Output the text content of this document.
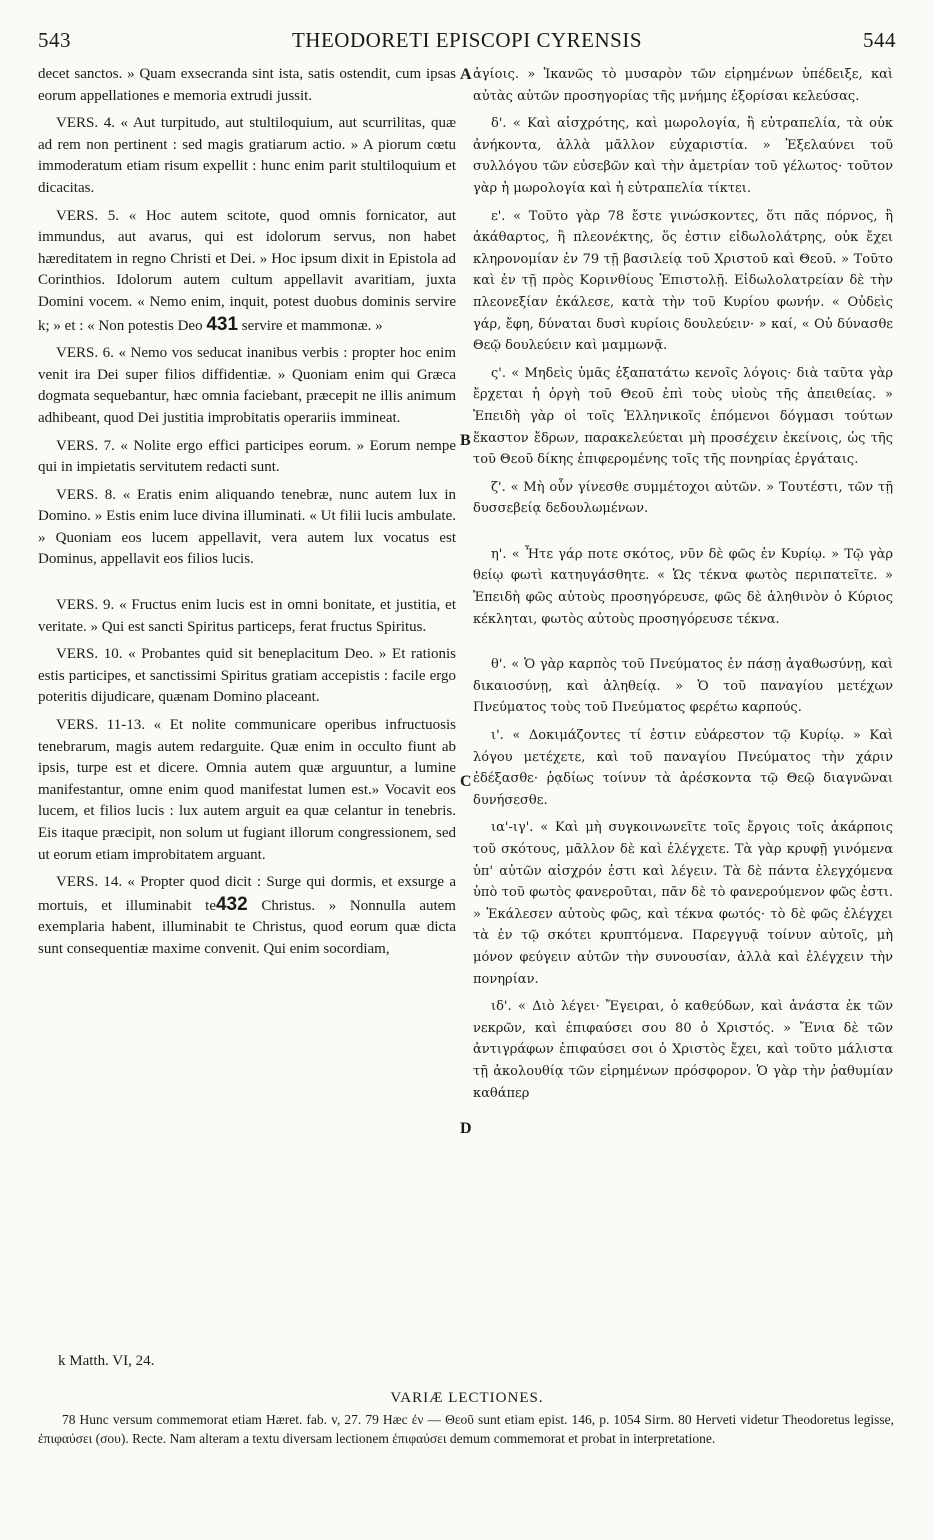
543	THEODORETI EPISCOPI CYRENSIS	544

decet sanctos. » Quam exsecranda sint ista, satis ostendit, cum ipsas eorum appellationes e memoria extrudi jussit.

VERS. 4. « Aut turpitudo, aut stultiloquium, aut scurrilitas, quæ ad rem non pertinent : sed magis gratiarum actio. » A piorum cœtu immoderatum etiam risum expellit : hunc enim parit stultiloquium et dicacitas.

VERS. 5. « Hoc autem scitote, quod omnis fornicator, aut immundus, aut avarus, qui est idolorum servus, non habet hæreditatem in regno Christi et Dei. » Hoc ipsum dixit in Epistola ad Corinthios. Idolorum autem cultum appellavit avaritiam, juxta Domini vocem. « Nemo enim, inquit, potest duobus dominis servire k; » et : « Non potestis Deo 431 servire et mammonæ. »

VERS. 6. « Nemo vos seducat inanibus verbis : propter hoc enim venit ira Dei super filios diffidentiæ. » Quoniam enim qui Græca dogmata sequebantur, hæc omnia faciebant, præcepit ne illis animum adhibeant, quod Dei justitia improbitatis operariis immineat.

VERS. 7. « Nolite ergo effici participes eorum. » Eorum nempe qui in impietatis servitutem redacti sunt.

VERS. 8. « Eratis enim aliquando tenebræ, nunc autem lux in Domino. » Estis enim luce divina illuminati. « Ut filii lucis ambulate. » Quoniam eos lucem appellavit, vera autem lux vocatus est Dominus, appellavit eos filios lucis.

VERS. 9. « Fructus enim lucis est in omni bonitate, et justitia, et veritate. » Qui est sancti Spiritus particeps, ferat fructus Spiritus.

VERS. 10. « Probantes quid sit beneplacitum Deo. » Et rationis estis participes, et sanctissimi Spiritus gratiam accepistis : facile ergo poteritis dijudicare, quænam Domino placeant.

VERS. 11-13. « Et nolite communicare operibus infructuosis tenebrarum, magis autem redarguite. Quæ enim in occulto fiunt ab ipsis, turpe est et dicere. Omnia autem quæ arguuntur, a lumine manifestantur, omne enim quod manifestat lumen est.» Vocavit eos lucem, et filios lucis : lux autem arguit ea quæ celantur in tenebris. Eis itaque præcipit, non solum ut fugiant illorum congressionem, sed ut eorum etiam improbitatem arguant.

VERS. 14. « Propter quod dicit : Surge qui dormis, et exsurge a mortuis, et illuminabit te432 Christus. » Nonnulla autem exemplaria habent, illuminabit te Christus, quod eorum quæ dicta sunt consequentiæ maxime convenit. Qui enim socordiam,

A
B
C
D

ἁγίοις. » Ἱκανῶς τὸ μυσαρὸν τῶν εἰρημένων ὑπέδειξε, καὶ αὐτὰς αὐτῶν προσηγορίας τῆς μνήμης ἐξορίσαι κελεύσας.

δ'. « Καὶ αἰσχρότης, καὶ μωρολογία, ἢ εὐτραπελία, τὰ οὐκ ἀνήκοντα, ἀλλὰ μᾶλλον εὐχαριστία. » Ἐξελαύνει τοῦ συλλόγου τῶν εὐσεβῶν καὶ τὴν ἀμετρίαν τοῦ γέλωτος· τοῦτον γὰρ ἡ μωρολογία καὶ ἡ εὐτραπελία τίκτει.

ε'. « Τοῦτο γὰρ 78 ἔστε γινώσκοντες, ὅτι πᾶς πόρνος, ἢ ἀκάθαρτος, ἢ πλεονέκτης, ὅς ἐστιν εἰδωλολάτρης, οὐκ ἔχει κληρονομίαν ἐν 79 τῇ βασιλείᾳ τοῦ Χριστοῦ καὶ Θεοῦ. » Τοῦτο καὶ ἐν τῇ πρὸς Κορινθίους Ἐπιστολῇ. Εἰδωλολατρείαν δὲ τὴν πλεονεξίαν ἐκάλεσε, κατὰ τὴν τοῦ Κυρίου φωνήν. « Οὐδεὶς γάρ, ἔφη, δύναται δυσὶ κυρίοις δουλεύειν· » καί, « Οὐ δύνασθε Θεῷ δουλεύειν καὶ μαμμωνᾷ.

ς'. « Μηδεὶς ὑμᾶς ἐξαπατάτω κενοῖς λόγοις· διὰ ταῦτα γὰρ ἔρχεται ἡ ὀργὴ τοῦ Θεοῦ ἐπὶ τοὺς υἱοὺς τῆς ἀπειθείας. » Ἐπειδὴ γὰρ οἱ τοῖς Ἑλληνικοῖς ἑπόμενοι δόγμασι τούτων ἕκαστον ἔδρων, παρακελεύεται μὴ προσέχειν ἐκείνοις, ὡς τῆς τοῦ Θεοῦ δίκης ἐπιφερομένης τοῖς τῆς πονηρίας ἐργάταις.

ζ'. « Μὴ οὖν γίνεσθε συμμέτοχοι αὐτῶν. » Τουτέστι, τῶν τῇ δυσσεβείᾳ δεδουλωμένων.

η'. « Ἦτε γάρ ποτε σκότος, νῦν δὲ φῶς ἐν Κυρίῳ. » Τῷ γὰρ θείῳ φωτὶ κατηυγάσθητε. « Ὡς τέκνα φωτὸς περιπατεῖτε. » Ἐπειδὴ φῶς αὐτοὺς προσηγόρευσε, φῶς δὲ ἀληθινὸν ὁ Κύριος κέκληται, φωτὸς αὐτοὺς προσηγόρευσε τέκνα.

θ'. « Ὁ γὰρ καρπὸς τοῦ Πνεύματος ἐν πάσῃ ἀγαθωσύνῃ, καὶ δικαιοσύνῃ, καὶ ἀληθείᾳ. » Ὁ τοῦ παναγίου μετέχων Πνεύματος τοὺς τοῦ Πνεύματος φερέτω καρπούς.

ι'. « Δοκιμάζοντες τί ἐστιν εὐάρεστον τῷ Κυρίῳ. » Καὶ λόγου μετέχετε, καὶ τοῦ παναγίου Πνεύματος τὴν χάριν ἐδέξασθε· ῥᾳδίως τοίνυν τὰ ἀρέσκοντα τῷ Θεῷ διαγνῶναι δυνήσεσθε.

ια'-ιγ'. « Καὶ μὴ συγκοινωνεῖτε τοῖς ἔργοις τοῖς ἀκάρποις τοῦ σκότους, μᾶλλον δὲ καὶ ἐλέγχετε. Τὰ γὰρ κρυφῇ γινόμενα ὑπ' αὐτῶν αἰσχρόν ἐστι καὶ λέγειν. Τὰ δὲ πάντα ἐλεγχόμενα ὑπὸ τοῦ φωτὸς φανεροῦται, πᾶν δὲ τὸ φανερούμενον φῶς ἐστι. » Ἐκάλεσεν αὐτοὺς φῶς, καὶ τέκνα φωτός· τὸ δὲ φῶς ἐλέγχει τὰ ἐν τῷ σκότει κρυπτόμενα. Παρεγγυᾷ τοίνυν αὐτοῖς, μὴ μόνον φεύγειν αὐτῶν τὴν συνουσίαν, ἀλλὰ καὶ ἐλέγχειν τὴν πονηρίαν.

ιδ'. « Διὸ λέγει· Ἔγειραι, ὁ καθεύδων, καὶ ἀνάστα ἐκ τῶν νεκρῶν, καὶ ἐπιφαύσει σου 80 ὁ Χριστός. » Ἔνια δὲ τῶν ἀντιγράφων ἐπιφαύσει σοι ὁ Χριστὸς ἔχει, καὶ τοῦτο μάλιστα τῇ ἀκολουθίᾳ τῶν εἰρημένων πρόσφορον. Ὁ γὰρ τὴν ῥαθυμίαν καθάπερ

k Matth. VI, 24.
VARIÆ LECTIONES.
78 Hunc versum commemorat etiam Hæret. fab. v, 27. 79 Hæc ἐν — Θεοῦ sunt etiam epist. 146, p. 1054 Sirm. 80 Herveti videtur Theodoretus legisse, ἐπιφαύσει (σου). Recte. Nam alteram a textu diversam lectionem ἐπιφαύσει demum commemorat et probat in interpretatione.
